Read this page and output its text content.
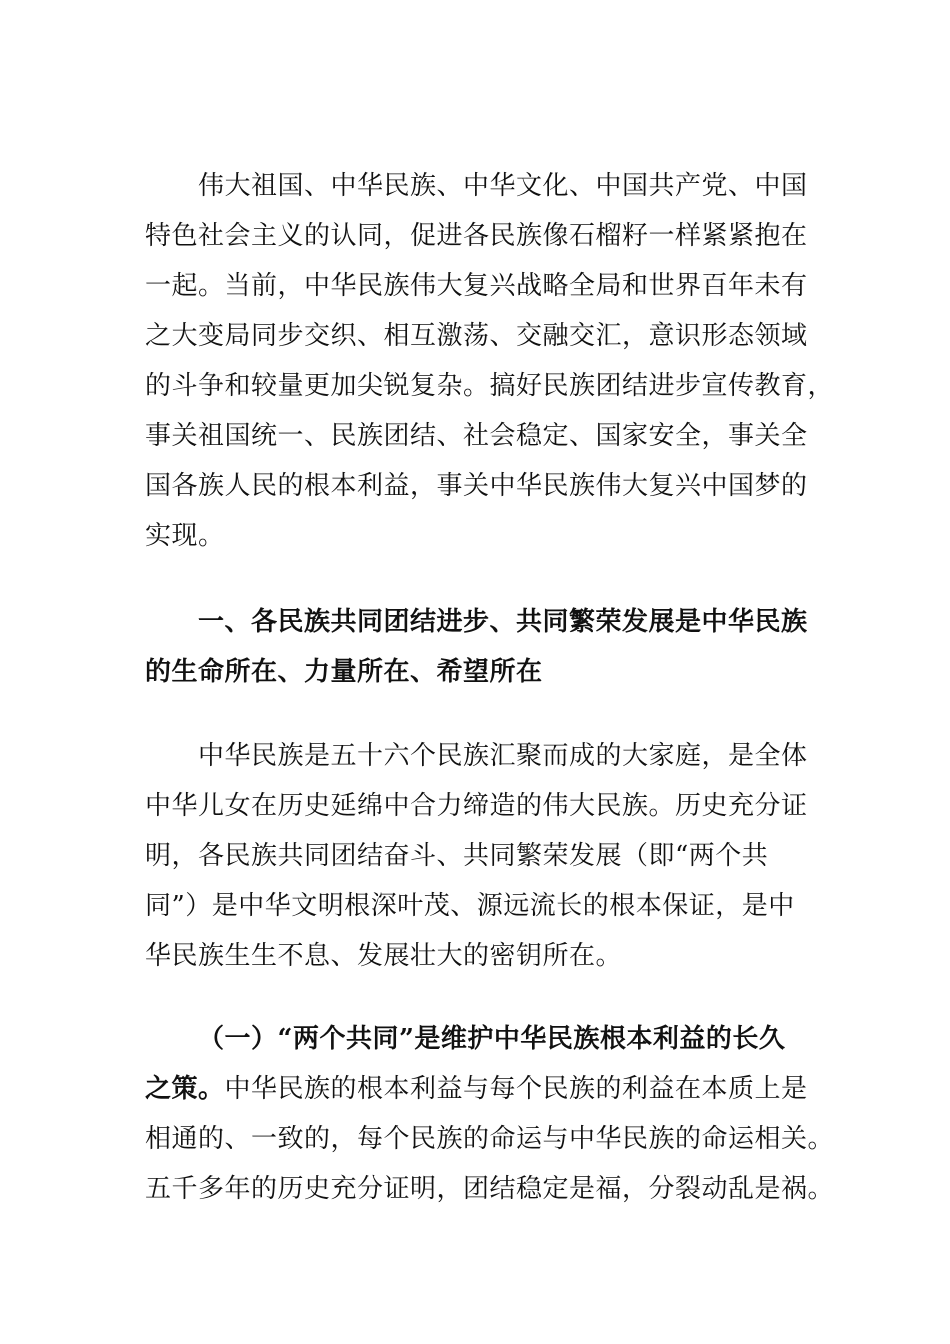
伟大祖国、中华民族、中华文化、中国共产党、中国
特色社会主义的认同，促进各民族像石榴籽一样紧紧抱在
一起。当前，中华民族伟大复兴战略全局和世界百年未有
之大变局同步交织、相互激荡、交融交汇，意识形态领域
的斗争和较量更加尖锐复杂。搞好民族团结进步宣传教育，
事关祖国统一、民族团结、社会稳定、国家安全，事关全
国各族人民的根本利益，事关中华民族伟大复兴中国梦的
实现。
一、各民族共同团结进步、共同繁荣发展是中华民族
的生命所在、力量所在、希望所在
中华民族是五十六个民族汇聚而成的大家庭，是全体
中华儿女在历史延绵中合力缔造的伟大民族。历史充分证
明，各民族共同团结奋斗、共同繁荣发展（即“两个共
同”）是中华文明根深叶茂、源远流长的根本保证，是中
华民族生生不息、发展壮大的密钥所在。
（一）“两个共同”是维护中华民族根本利益的长久
之策。中华民族的根本利益与每个民族的利益在本质上是
相通的、一致的，每个民族的命运与中华民族的命运相关。
五千多年的历史充分证明，团结稳定是福，分裂动乱是祸。
